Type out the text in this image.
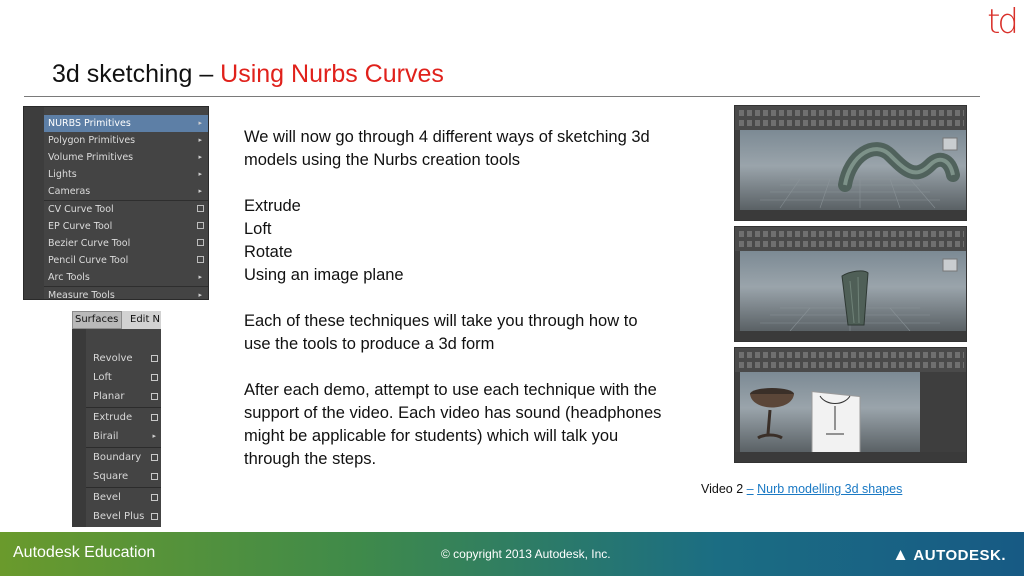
td
3d sketching – Using Nurbs Curves
NURBS Primitives	▸
Polygon Primitives	▸
Volume Primitives	▸
Lights	▸
Cameras	▸
CV Curve Tool
EP Curve Tool
Bezier Curve Tool
Pencil Curve Tool
Arc Tools	▸
Measure Tools	▸
Surfaces	Edit N
Revolve
Loft
Planar
Extrude
Birail	▸
Boundary
Square
Bevel
Bevel Plus

We will now go through 4 different ways of sketching 3d models using the Nurbs creation tools

Extrude
Loft
Rotate
Using an image plane

Each of these techniques will take you through how to use the tools to produce a 3d form

After each demo, attempt to use each technique with the support of the video. Each video has sound (headphones might be applicable for students) which will talk you through the steps.

Video 2 – Nurb modelling 3d shapes
Autodesk Education	© copyright 2013 Autodesk, Inc.	▲ AUTODESK.
